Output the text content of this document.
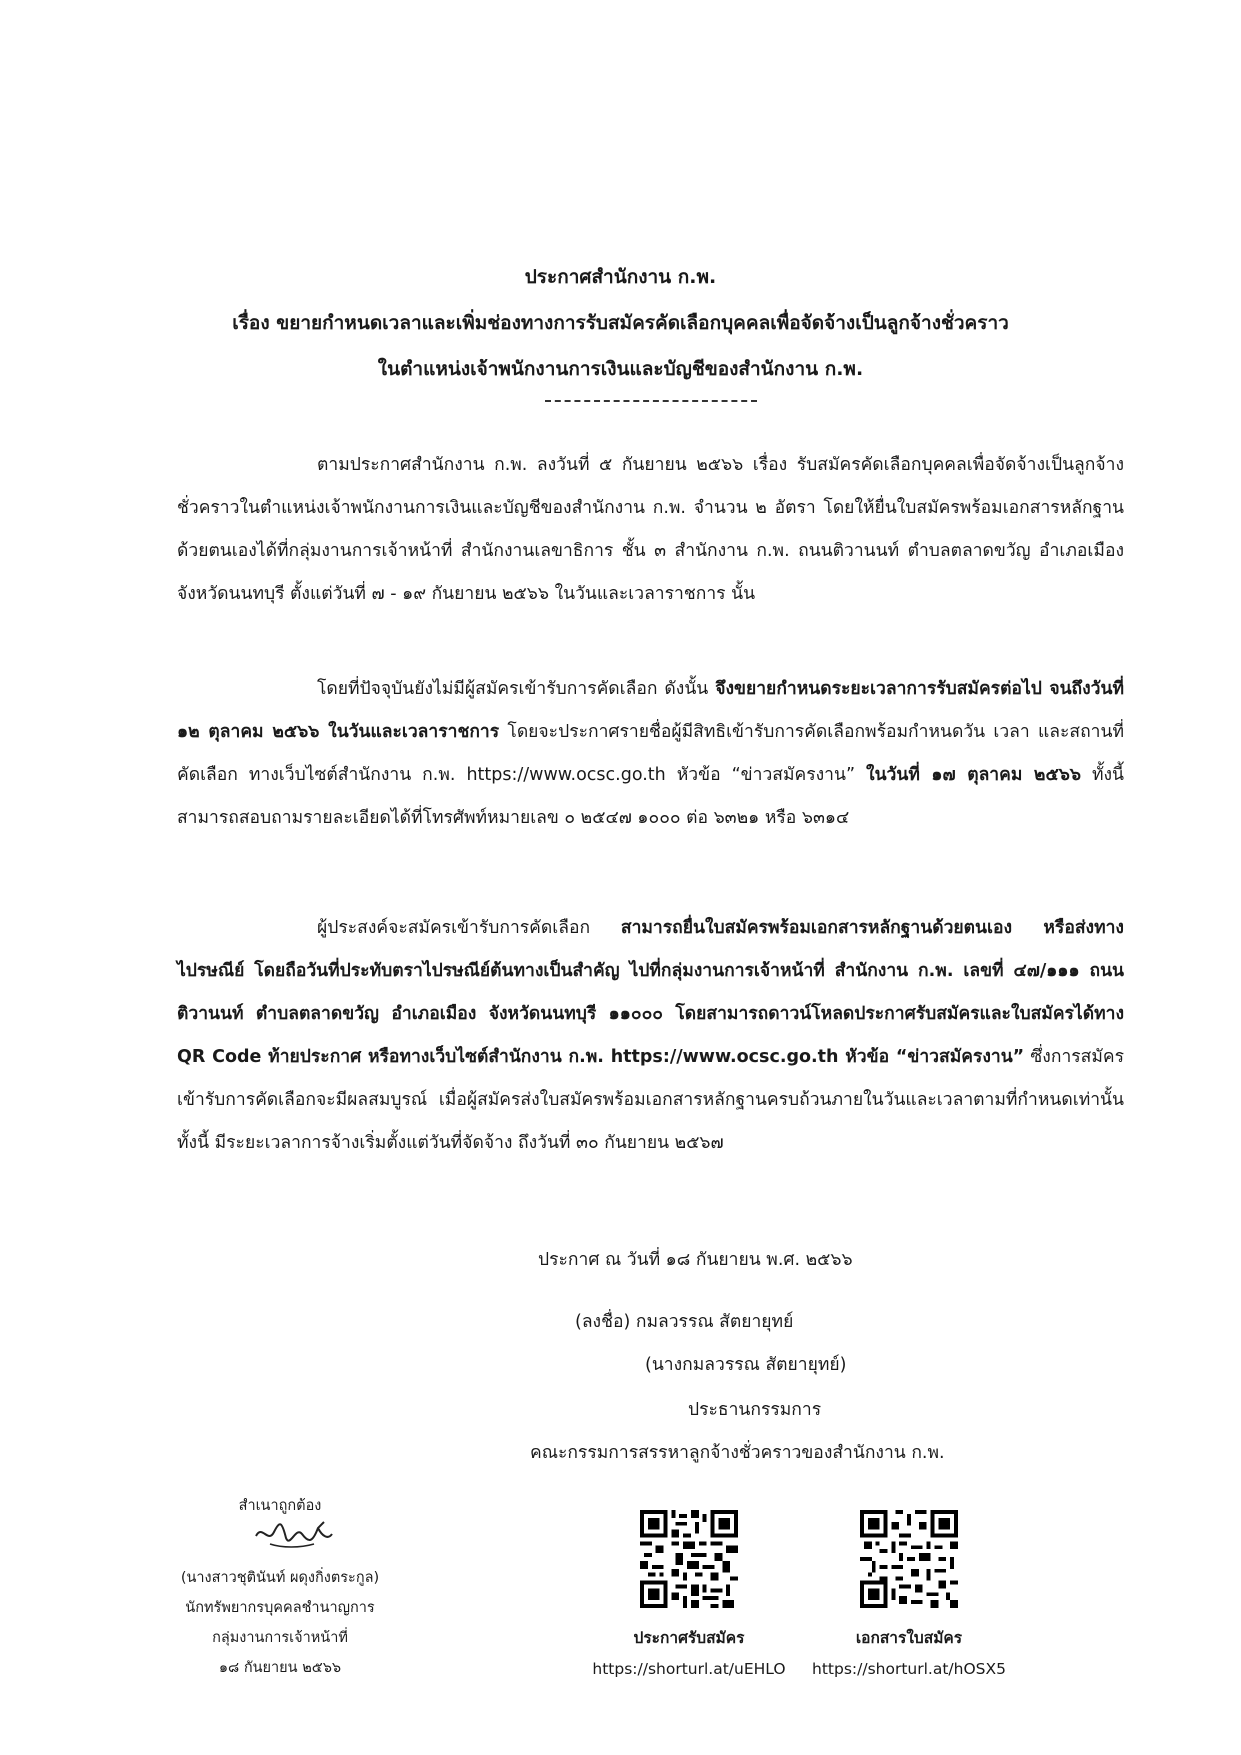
ประกาศสำนักงาน ก.พ.
เรื่อง ขยายกำหนดเวลาและเพิ่มช่องทางการรับสมัครคัดเลือกบุคคลเพื่อจัดจ้างเป็นลูกจ้างชั่วคราว
ในตำแหน่งเจ้าพนักงานการเงินและบัญชีของสำนักงาน ก.พ.

ตามประกาศสำนักงาน ก.พ. ลงวันที่ ๕ กันยายน ๒๕๖๖ เรื่อง รับสมัครคัดเลือกบุคคลเพื่อจัดจ้างเป็นลูกจ้างชั่วคราวในตำแหน่งเจ้าพนักงานการเงินและบัญชีของสำนักงาน ก.พ. จำนวน ๒ อัตรา โดยให้ยื่นใบสมัครพร้อมเอกสารหลักฐานด้วยตนเองได้ที่กลุ่มงานการเจ้าหน้าที่ สำนักงานเลขาธิการ ชั้น ๓ สำนักงาน ก.พ. ถนนติวานนท์ ตำบลตลาดขวัญ อำเภอเมือง จังหวัดนนทบุรี ตั้งแต่วันที่ ๗ - ๑๙ กันยายน ๒๕๖๖ ในวันและเวลาราชการ นั้น

โดยที่ปัจจุบันยังไม่มีผู้สมัครเข้ารับการคัดเลือก ดังนั้น จึงขยายกำหนดระยะเวลาการรับสมัครต่อไป จนถึงวันที่ ๑๒ ตุลาคม ๒๕๖๖ ในวันและเวลาราชการ โดยจะประกาศรายชื่อผู้มีสิทธิเข้ารับการคัดเลือกพร้อมกำหนดวัน เวลา และสถานที่คัดเลือก ทางเว็บไซต์สำนักงาน ก.พ. https://www.ocsc.go.th หัวข้อ “ข่าวสมัครงาน” ในวันที่ ๑๗ ตุลาคม ๒๕๖๖ ทั้งนี้ สามารถสอบถามรายละเอียดได้ที่โทรศัพท์หมายเลข ๐ ๒๕๔๗ ๑๐๐๐ ต่อ ๖๓๒๑ หรือ ๖๓๑๔

ผู้ประสงค์จะสมัครเข้ารับการคัดเลือก สามารถยื่นใบสมัครพร้อมเอกสารหลักฐานด้วยตนเอง หรือส่งทางไปรษณีย์ โดยถือวันที่ประทับตราไปรษณีย์ต้นทางเป็นสำคัญ ไปที่กลุ่มงานการเจ้าหน้าที่ สำนักงาน ก.พ. เลขที่ ๔๗/๑๑๑ ถนนติวานนท์ ตำบลตลาดขวัญ อำเภอเมือง จังหวัดนนทบุรี ๑๑๐๐๐ โดยสามารถดาวน์โหลดประกาศรับสมัครและใบสมัครได้ทาง QR Code ท้ายประกาศ หรือทางเว็บไซต์สำนักงาน ก.พ. https://www.ocsc.go.th หัวข้อ “ข่าวสมัครงาน” ซึ่งการสมัครเข้ารับการคัดเลือกจะมีผลสมบูรณ์ เมื่อผู้สมัครส่งใบสมัครพร้อมเอกสารหลักฐานครบถ้วนภายในวันและเวลาตามที่กำหนดเท่านั้น ทั้งนี้ มีระยะเวลาการจ้างเริ่มตั้งแต่วันที่จัดจ้าง ถึงวันที่ ๓๐ กันยายน ๒๕๖๗

ประกาศ ณ วันที่ ๑๘ กันยายน พ.ศ. ๒๕๖๖
(ลงชื่อ) กมลวรรณ สัตยายุทย์
(นางกมลวรรณ สัตยายุทย์)
ประธานกรรมการ
คณะกรรมการสรรหาลูกจ้างชั่วคราวของสำนักงาน ก.พ.
สำเนาถูกต้อง
(นางสาวชุตินันท์ ผดุงกิ่งตระกูล)
นักทรัพยากรบุคคลชำนาญการ
กลุ่มงานการเจ้าหน้าที่
๑๘ กันยายน ๒๕๖๖
ประกาศรับสมัคร
https://shorturl.at/uEHLO
เอกสารใบสมัคร
https://shorturl.at/hOSX5
